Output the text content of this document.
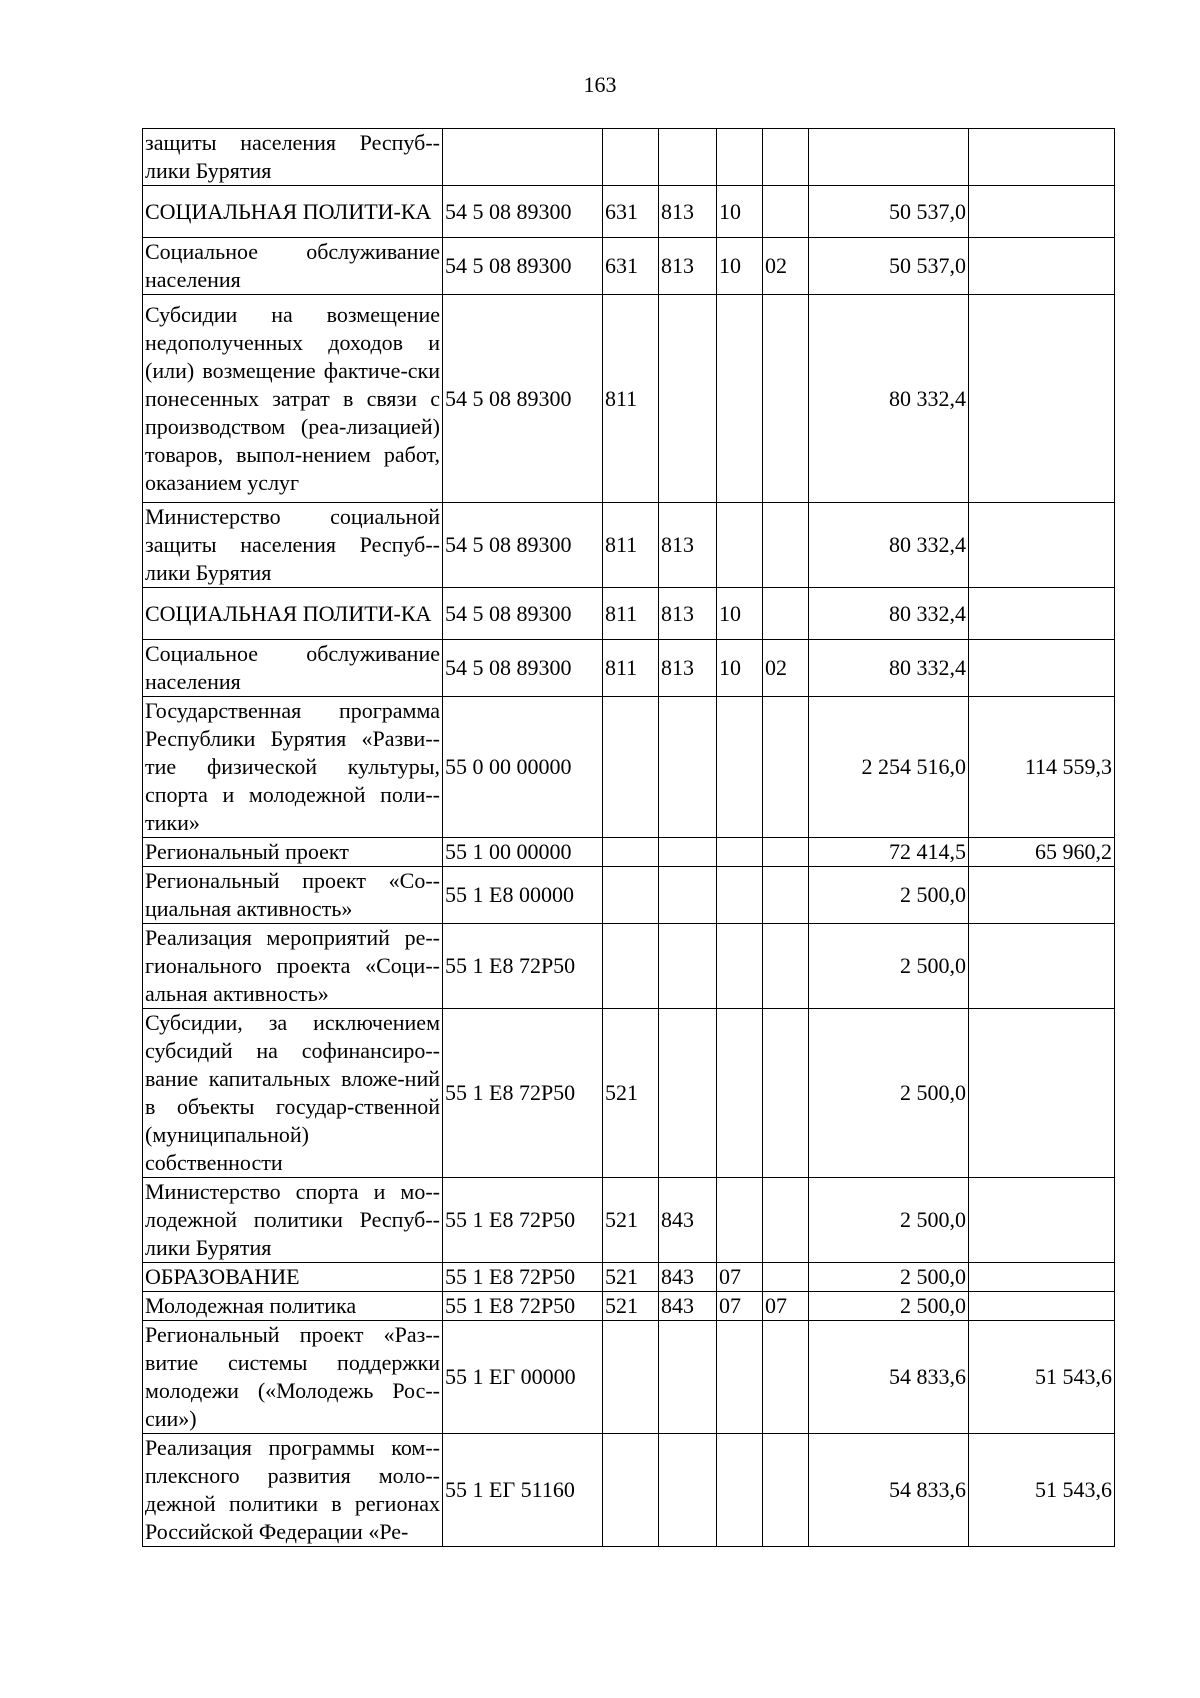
163
защиты населения Респуб-лики Бурятия							
СОЦИАЛЬНАЯ ПОЛИТИ-КА	54 5 08 89300	631	813	10		50 537,0	
Социальное обслуживание населения	54 5 08 89300	631	813	10	02	50 537,0	
Субсидии на возмещение недополученных доходов и (или) возмещение фактиче-ски понесенных затрат в связи с производством (реа-лизацией) товаров, выпол-нением работ, оказанием услуг	54 5 08 89300	811				80 332,4	
Министерство социальной защиты населения Респуб-лики Бурятия	54 5 08 89300	811	813			80 332,4	
СОЦИАЛЬНАЯ ПОЛИТИ-КА	54 5 08 89300	811	813	10		80 332,4	
Социальное обслуживание населения	54 5 08 89300	811	813	10	02	80 332,4	
Государственная программа Республики Бурятия «Разви-тие физической культуры, спорта и молодежной поли-тики»	55 0 00 00000					2 254 516,0	114 559,3
Региональный проект	55 1 00 00000					72 414,5	65 960,2
Региональный проект «Со-циальная активность»	55 1 Е8 00000					2 500,0	
Реализация мероприятий ре-гионального проекта «Соци-альная активность»	55 1 Е8 72Р50					2 500,0	
Субсидии, за исключением субсидий на софинансиро-вание капитальных вложе-ний в объекты государ-ственной (муниципальной) собственности	55 1 Е8 72Р50	521				2 500,0	
Министерство спорта и мо-лодежной политики Респуб-лики Бурятия	55 1 Е8 72Р50	521	843			2 500,0	
ОБРАЗОВАНИЕ	55 1 Е8 72Р50	521	843	07		2 500,0	
Молодежная политика	55 1 Е8 72Р50	521	843	07	07	2 500,0	
Региональный проект «Раз-витие системы поддержки молодежи («Молодежь Рос-сии»)	55 1 ЕГ 00000					54 833,6	51 543,6
Реализация программы ком-плексного развития моло-дежной политики в регионах Российской Федерации «Ре-	55 1 ЕГ 51160					54 833,6	51 543,6
